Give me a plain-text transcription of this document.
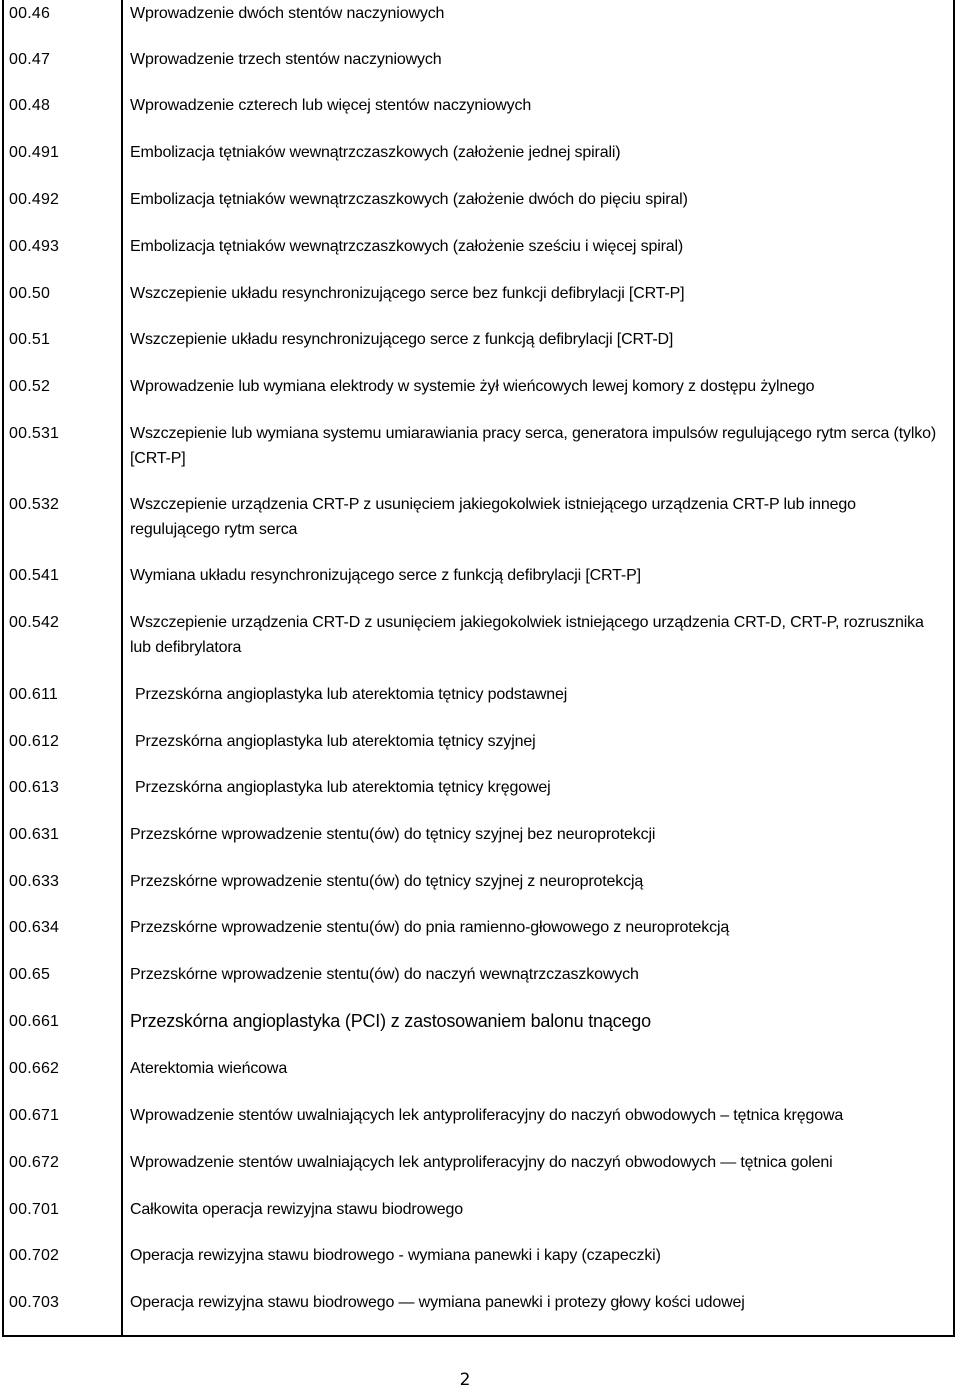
00.46	Wprowadzenie dwóch stentów naczyniowych
00.47	Wprowadzenie trzech stentów naczyniowych
00.48	Wprowadzenie czterech lub więcej stentów naczyniowych
00.491	Embolizacja tętniaków wewnątrzczaszkowych (założenie jednej spirali)
00.492	Embolizacja tętniaków wewnątrzczaszkowych (założenie dwóch do pięciu spiral)
00.493	Embolizacja tętniaków wewnątrzczaszkowych (założenie sześciu i więcej spiral)
00.50	Wszczepienie układu resynchronizującego serce bez funkcji defibrylacji [CRT-P]
00.51	Wszczepienie układu resynchronizującego serce z funkcją defibrylacji [CRT-D]
00.52	Wprowadzenie lub wymiana elektrody w systemie żył wieńcowych lewej komory z dostępu żylnego
00.531	Wszczepienie lub wymiana systemu umiarawiania pracy serca, generatora impulsów regulującego rytm serca (tylko) [CRT-P]
00.532	Wszczepienie urządzenia CRT-P z usunięciem jakiegokolwiek istniejącego urządzenia CRT-P lub innego regulującego rytm serca
00.541	Wymiana układu resynchronizującego serce z funkcją defibrylacji [CRT-P]
00.542	Wszczepienie urządzenia CRT-D z usunięciem jakiegokolwiek istniejącego urządzenia CRT-D, CRT-P, rozrusznika lub defibrylatora
00.611	Przezskórna angioplastyka lub aterektomia tętnicy podstawnej
00.612	Przezskórna angioplastyka lub aterektomia tętnicy szyjnej
00.613	Przezskórna angioplastyka lub aterektomia tętnicy kręgowej
00.631	Przezskórne wprowadzenie stentu(ów) do tętnicy szyjnej bez neuroprotekcji
00.633	Przezskórne wprowadzenie stentu(ów) do tętnicy szyjnej z neuroprotekcją
00.634	Przezskórne wprowadzenie stentu(ów) do pnia ramienno-głowowego z neuroprotekcją
00.65	Przezskórne wprowadzenie stentu(ów) do naczyń wewnątrzczaszkowych
00.661	Przezskórna angioplastyka (PCI) z zastosowaniem balonu tnącego
00.662	Aterektomia wieńcowa
00.671	Wprowadzenie stentów uwalniających lek antyproliferacyjny do naczyń obwodowych – tętnica kręgowa
00.672	Wprowadzenie stentów uwalniających lek antyproliferacyjny do naczyń obwodowych — tętnica goleni
00.701	Całkowita operacja rewizyjna stawu biodrowego
00.702	Operacja rewizyjna stawu biodrowego - wymiana panewki i kapy (czapeczki)
00.703	Operacja rewizyjna stawu biodrowego — wymiana panewki i protezy głowy kości udowej
2
